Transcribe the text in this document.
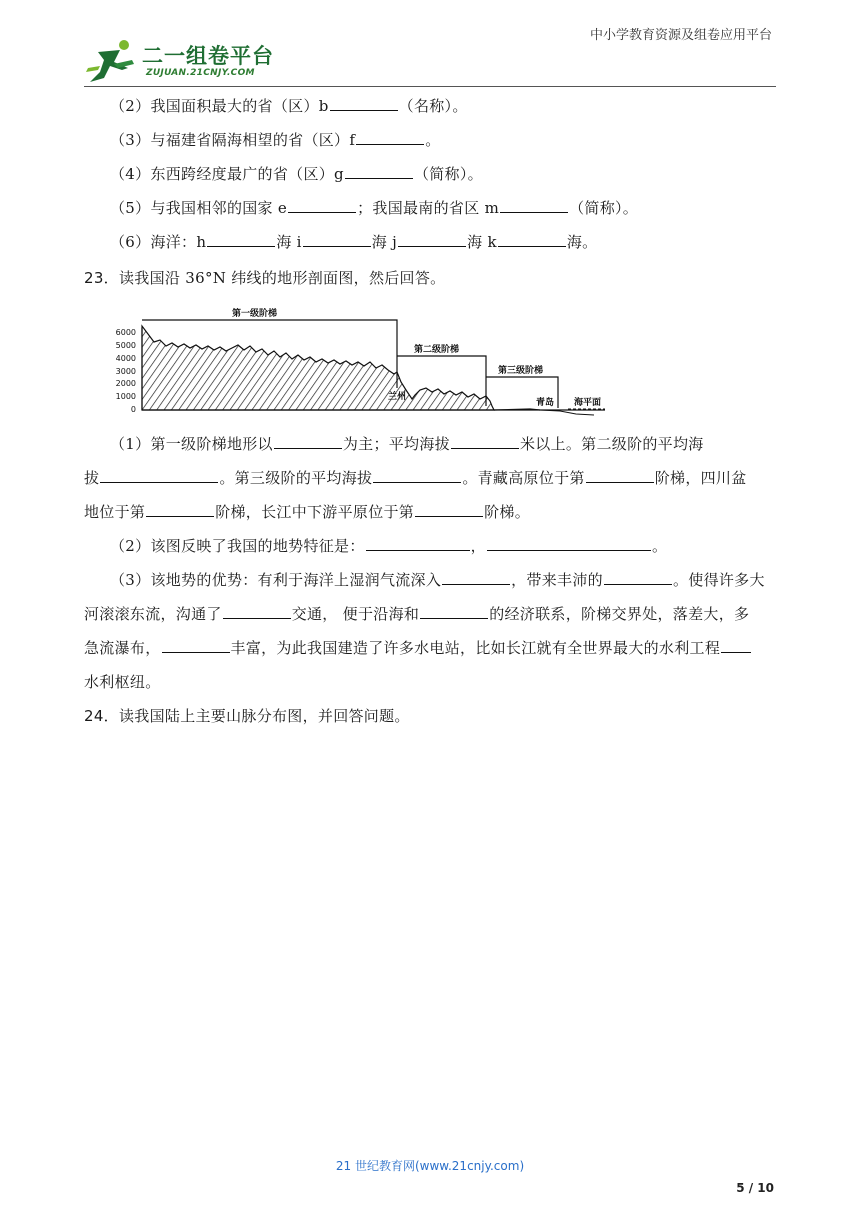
二一组卷平台
ZUJUAN.21CNJY.COM
中小学教育资源及组卷应用平台
（2）我国面积最大的省（区）b	（名称）。
（3）与福建省隔海相望的省（区）f	。
（4）东西跨经度最广的省（区）g	（简称）。
（5）与我国相邻的国家 e	；我国最南的省区 m	（简称）。
（6）海洋：h	海 i	海 j	海 k	海。
23．读我国沿 36°N 纬线的地形剖面图，然后回答。
6000
5000
4000
3000
2000
1000
0
第一级阶梯
第二级阶梯
第三级阶梯
兰州
青岛 海平面
（1）第一级阶梯地形以	为主；平均海拔	米以上。第二级阶的平均海
拔	。第三级阶的平均海拔	。青藏高原位于第	阶梯，四川盆
地位于第	阶梯，长江中下游平原位于第	阶梯。
（2）该图反映了我国的地势特征是：	，	。
（3）该地势的优势：有利于海洋上湿润气流深入	，带来丰沛的	。使得许多大
河滚滚东流，沟通了	交通， 便于沿海和	的经济联系，阶梯交界处，落差大，多
急流瀑布，	丰富，为此我国建造了许多水电站，比如长江就有全世界最大的水利工程
水利枢纽。
24．读我国陆上主要山脉分布图，并回答问题。
21 世纪教育网(www.21cnjy.com)
5 / 10
